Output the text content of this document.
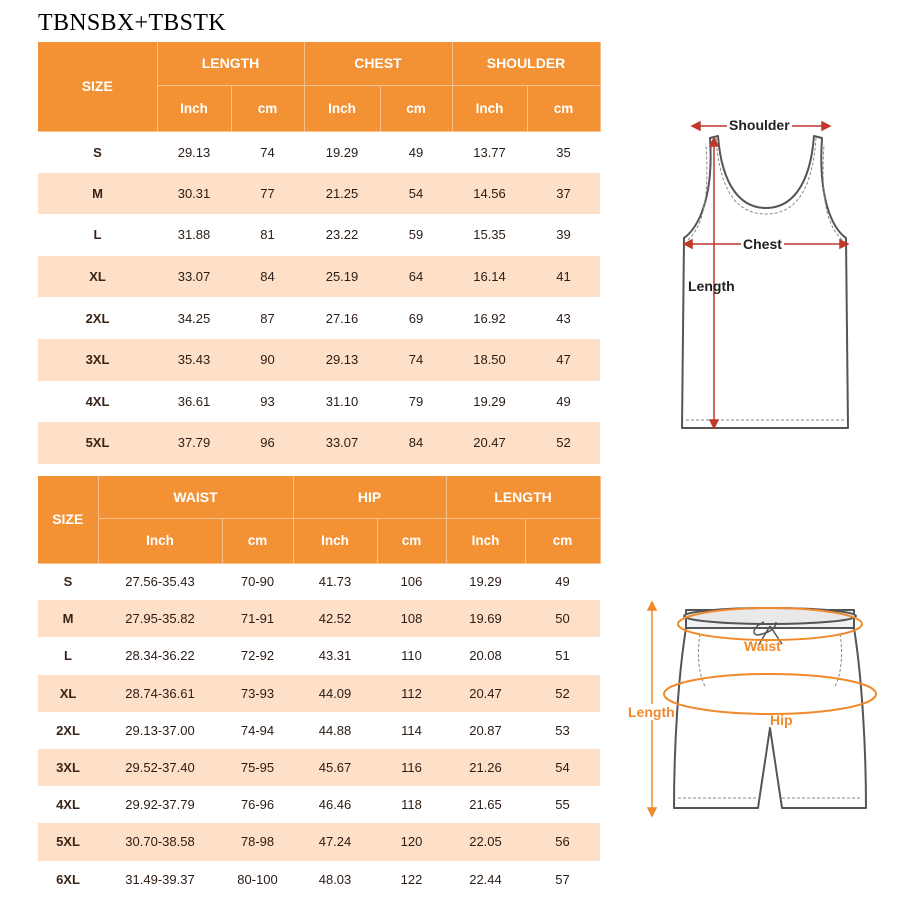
TBNSBX+TBSTK
SIZE	LENGTH		CHEST		SHOULDER	
	Inch	cm	Inch	cm	Inch	cm
S	29.13	74	19.29	49	13.77	35
M	30.31	77	21.25	54	14.56	37
L	31.88	81	23.22	59	15.35	39
XL	33.07	84	25.19	64	16.14	41
2XL	34.25	87	27.16	69	16.92	43
3XL	35.43	90	29.13	74	18.50	47
4XL	36.61	93	31.10	79	19.29	49
5XL	37.79	96	33.07	84	20.47	52
SIZE	WAIST		HIP		LENGTH	
	Inch	cm	Inch	cm	Inch	cm
S	27.56-35.43	70-90	41.73	106	19.29	49
M	27.95-35.82	71-91	42.52	108	19.69	50
L	28.34-36.22	72-92	43.31	110	20.08	51
XL	28.74-36.61	73-93	44.09	112	20.47	52
2XL	29.13-37.00	74-94	44.88	114	20.87	53
3XL	29.52-37.40	75-95	45.67	116	21.26	54
4XL	29.92-37.79	76-96	46.46	118	21.65	55
5XL	30.70-38.58	78-98	47.24	120	22.05	56
6XL	31.49-39.37	80-100	48.03	122	22.44	57
Shoulder
Chest
Length
Waist
Hip
Length
